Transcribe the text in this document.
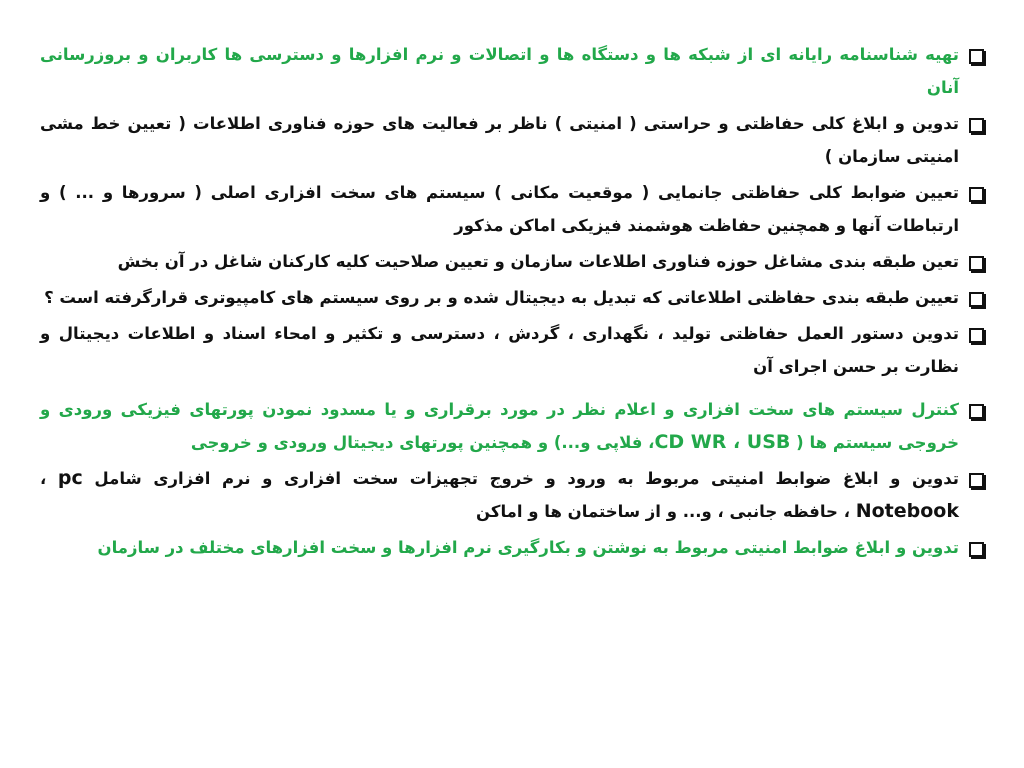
تهیه شناسنامه رایانه ای از شبکه ها و دستگاه ها و اتصالات و نرم افزارها و دسترسی ها کاربران و بروزرسانی آنان
تدوین و ابلاغ کلی حفاظتی و حراستی ( امنیتی ) ناظر بر فعالیت های حوزه فناوری اطلاعات ( تعیین خط مشی امنیتی سازمان )
تعیین ضوابط کلی حفاظتی جانمایی ( موقعیت مکانی ) سیستم های سخت افزاری اصلی ( سرورها و ... ) و ارتباطات آنها و همچنین حفاظت هوشمند فیزیکی اماکن مذکور
تعین طبقه بندی مشاغل حوزه فناوری اطلاعات سازمان و تعیین صلاحیت کلیه کارکنان شاغل در آن بخش
تعیین طبقه بندی حفاظتی اطلاعاتی که تبدیل به دیجیتال شده و بر روی سیستم های کامپیوتری قرارگرفته است ؟
تدوین دستور العمل حفاظتی تولید ، نگهداری ، گردش ، دسترسی و تکثیر و امحاء اسناد و اطلاعات دیجیتال و نظارت بر حسن اجرای آن
کنترل سیستم های سخت افزاری و اعلام نظر در مورد برقراری و یا مسدود نمودن پورتهای فیزیکی ورودی و خروجی سیستم ها ( CD WR ، USB، فلاپی و...) و همچنین پورتهای دیجیتال ورودی و خروجی
تدوین و ابلاغ ضوابط امنیتی مربوط به ورود و خروج تجهیزات سخت افزاری و نرم افزاری شامل pc ، Notebook ، حافظه جانبی ، و... و از ساختمان ها و اماکن
تدوین و ابلاغ ضوابط امنیتی مربوط به نوشتن و بکارگیری نرم افزارها و سخت افزارهای مختلف در سازمان
